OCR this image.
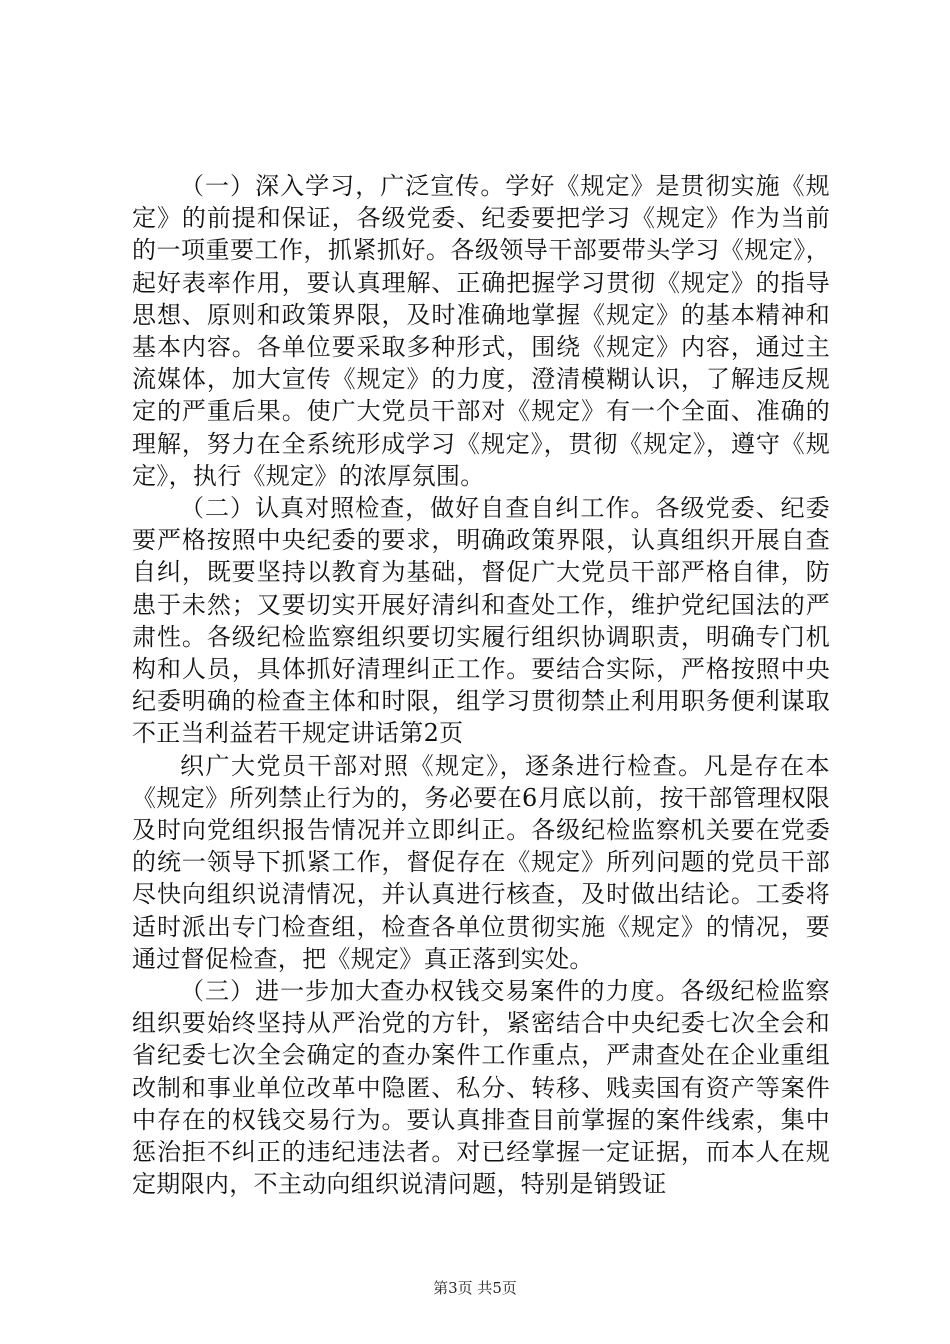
（一）深入学习，广泛宣传。学好《规定》是贯彻实施《规定》的前提和保证，各级党委、纪委要把学习《规定》作为当前的一项重要工作，抓紧抓好。各级领导干部要带头学习《规定》，起好表率作用，要认真理解、正确把握学习贯彻《规定》的指导思想、原则和政策界限，及时准确地掌握《规定》的基本精神和基本内容。各单位要采取多种形式，围绕《规定》内容，通过主流媒体，加大宣传《规定》的力度，澄清模糊认识，了解违反规定的严重后果。使广大党员干部对《规定》有一个全面、准确的理解，努力在全系统形成学习《规定》，贯彻《规定》，遵守《规定》，执行《规定》的浓厚氛围。

（二）认真对照检查，做好自查自纠工作。各级党委、纪委要严格按照中央纪委的要求，明确政策界限，认真组织开展自查自纠，既要坚持以教育为基础，督促广大党员干部严格自律，防患于未然；又要切实开展好清纠和查处工作，维护党纪国法的严肃性。各级纪检监察组织要切实履行组织协调职责，明确专门机构和人员，具体抓好清理纠正工作。要结合实际，严格按照中央纪委明确的检查主体和时限，组学习贯彻禁止利用职务便利谋取不正当利益若干规定讲话第2页

织广大党员干部对照《规定》，逐条进行检查。凡是存在本《规定》所列禁止行为的，务必要在6月底以前，按干部管理权限及时向党组织报告情况并立即纠正。各级纪检监察机关要在党委的统一领导下抓紧工作，督促存在《规定》所列问题的党员干部尽快向组织说清情况，并认真进行核查，及时做出结论。工委将适时派出专门检查组，检查各单位贯彻实施《规定》的情况，要通过督促检查，把《规定》真正落到实处。

（三）进一步加大查办权钱交易案件的力度。各级纪检监察组织要始终坚持从严治党的方针，紧密结合中央纪委七次全会和省纪委七次全会确定的查办案件工作重点，严肃查处在企业重组改制和事业单位改革中隐匿、私分、转移、贱卖国有资产等案件中存在的权钱交易行为。要认真排查目前掌握的案件线索，集中惩治拒不纠正的违纪违法者。对已经掌握一定证据，而本人在规定期限内，不主动向组织说清问题，特别是销毁证

第3页 共5页
